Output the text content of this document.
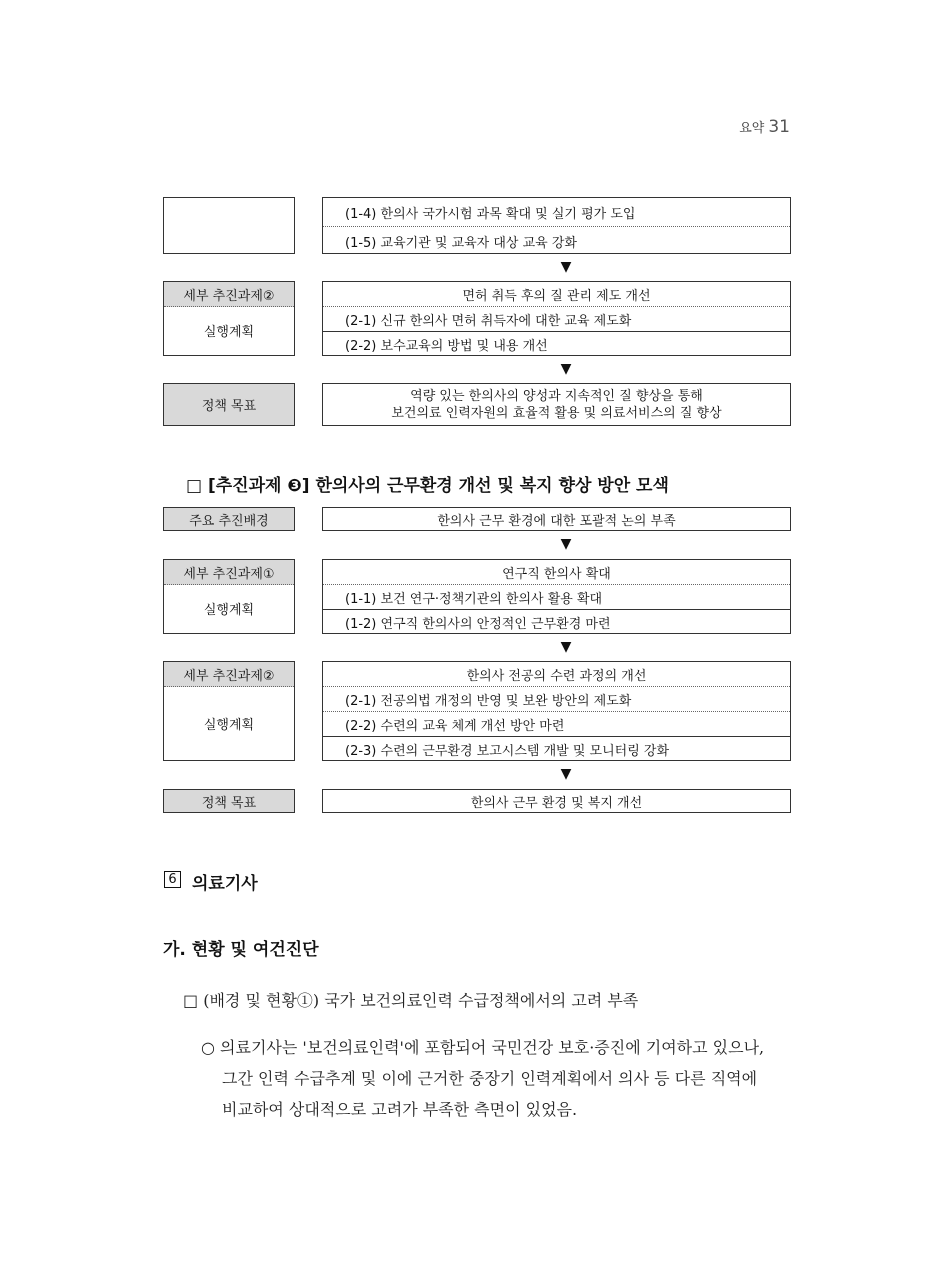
요약 31
(1-4) 한의사 국가시험 과목 확대 및 실기 평가 도입
(1-5) 교육기관 및 교육자 대상 교육 강화
▼
세부 추진과제②
실행계획
면허 취득 후의 질 관리 제도 개선
(2-1) 신규 한의사 면허 취득자에 대한 교육 제도화
(2-2) 보수교육의 방법 및 내용 개선
▼
정책 목표
역량 있는 한의사의 양성과 지속적인 질 향상을 통해
보건의료 인력자원의 효율적 활용 및 의료서비스의 질 향상
□ [추진과제 ❸] 한의사의 근무환경 개선 및 복지 향상 방안 모색
주요 추진배경	한의사 근무 환경에 대한 포괄적 논의 부족
▼
세부 추진과제①
실행계획
연구직 한의사 확대
(1-1) 보건 연구·정책기관의 한의사 활용 확대
(1-2) 연구직 한의사의 안정적인 근무환경 마련
▼
세부 추진과제②
실행계획
한의사 전공의 수련 과정의 개선
(2-1) 전공의법 개정의 반영 및 보완 방안의 제도화
(2-2) 수련의 교육 체계 개선 방안 마련
(2-3) 수련의 근무환경 보고시스템 개발 및 모니터링 강화
▼
정책 목표	한의사 근무 환경 및 복지 개선
6 의료기사
가. 현황 및 여건진단
□ (배경 및 현황①) 국가 보건의료인력 수급정책에서의 고려 부족
○ 의료기사는 '보건의료인력'에 포함되어 국민건강 보호·증진에 기여하고 있으나,
그간 인력 수급추계 및 이에 근거한 중장기 인력계획에서 의사 등 다른 직역에
비교하여 상대적으로 고려가 부족한 측면이 있었음.
